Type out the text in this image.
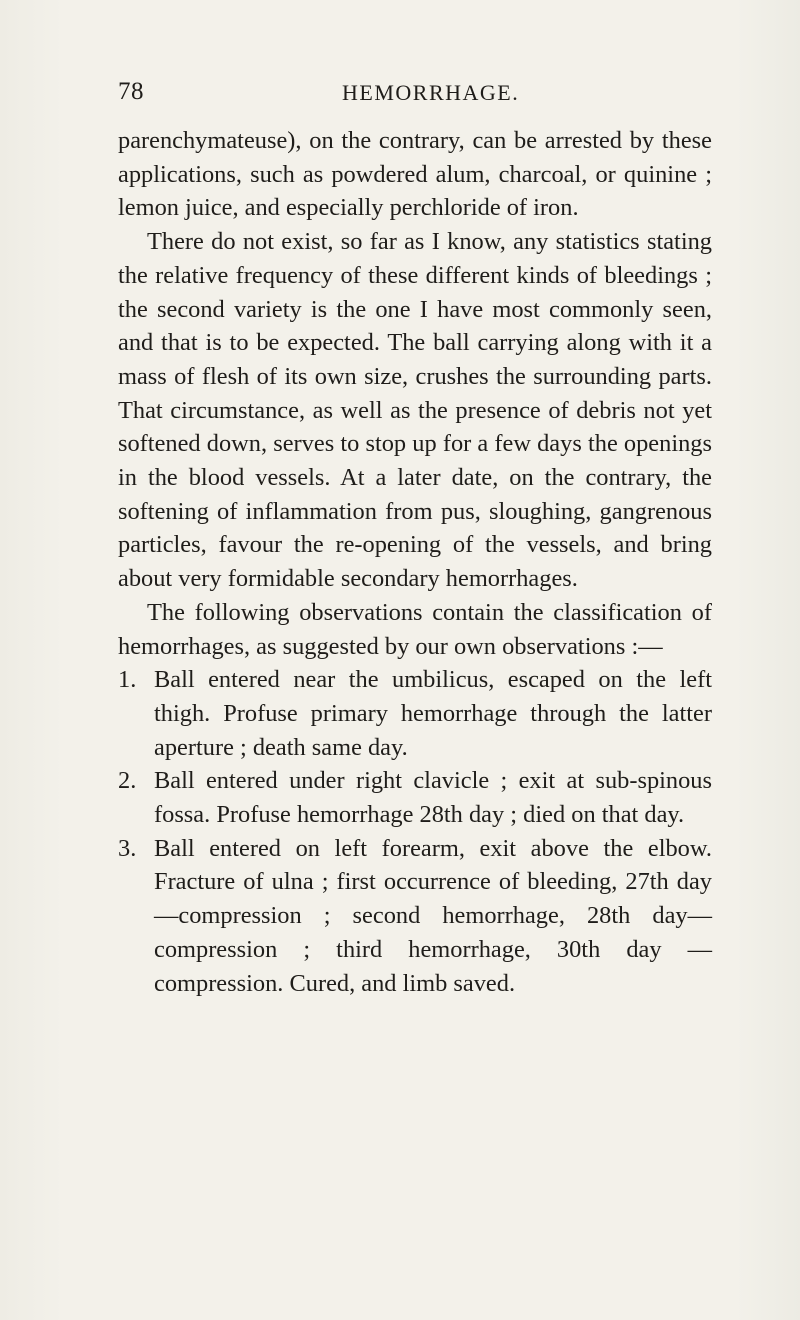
78	HEMORRHAGE.

parenchymateuse), on the contrary, can be arrested by these applications, such as powdered alum, charcoal, or quinine ; lemon juice, and especially perchloride of iron.

There do not exist, so far as I know, any statistics stating the relative frequency of these different kinds of bleedings ; the second variety is the one I have most commonly seen, and that is to be expected. The ball carrying along with it a mass of flesh of its own size, crushes the surrounding parts. That circumstance, as well as the presence of debris not yet softened down, serves to stop up for a few days the openings in the blood vessels. At a later date, on the contrary, the softening of inflammation from pus, sloughing, gangrenous particles, favour the re-opening of the vessels, and bring about very formidable secondary hemorrhages.

The following observations contain the classification of hemorrhages, as suggested by our own observations :—

1. Ball entered near the umbilicus, escaped on the left thigh. Profuse primary hemorrhage through the latter aperture ; death same day.
2. Ball entered under right clavicle ; exit at sub-spinous fossa. Profuse hemorrhage 28th day ; died on that day.
3. Ball entered on left forearm, exit above the elbow. Fracture of ulna ; first occurrence of bleeding, 27th day—compression ; second hemorrhage, 28th day—compression ; third hemorrhage, 30th day —compression. Cured, and limb saved.
